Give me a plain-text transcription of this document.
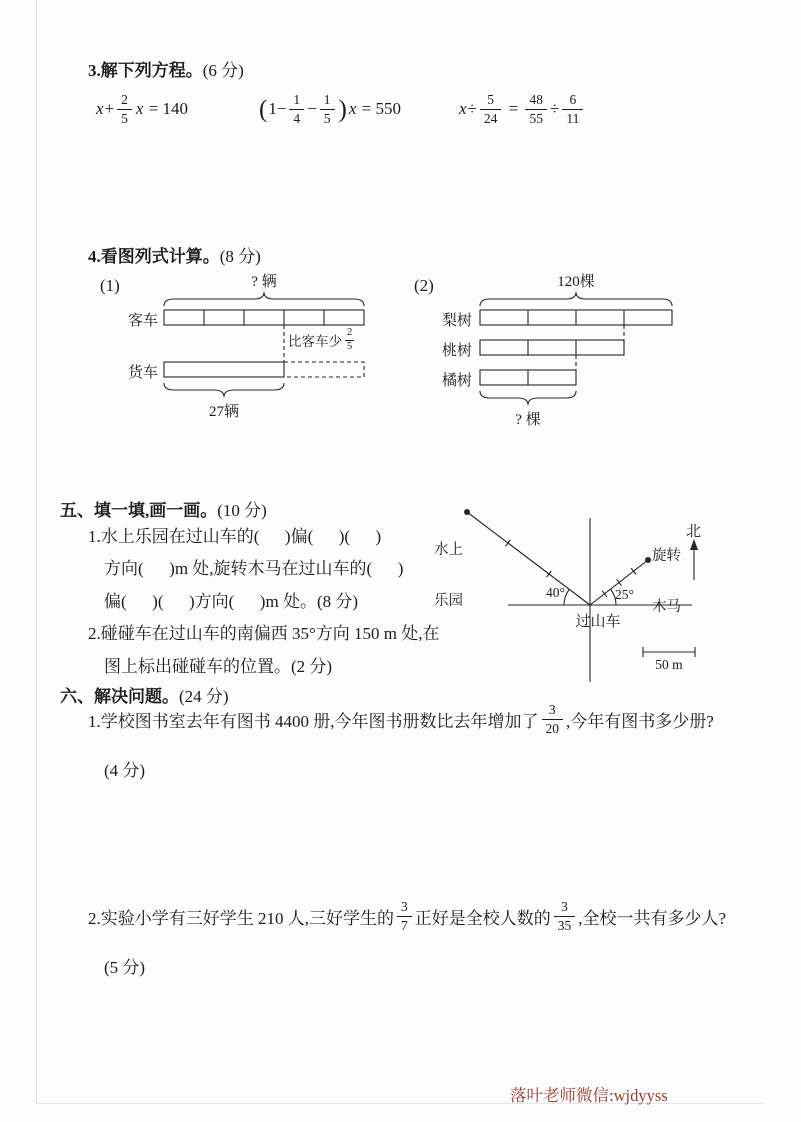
3.解下列方程。(6 分)
$x + \frac{2}{5}$ x = 140	( $1- \frac{1}{4} - \frac{1}{5}$ ) x = 550	$x \div \frac{5}{24} = \frac{48}{55} \div \frac{6}{11}$
4.看图列式计算。(8 分)
(1)	? 辆
客车
货车
比客车少 $\frac{2}{5}$
27辆
(2)	120棵
梨树
桃树
橘树
? 棵
五、填一填,画一画。(10 分)

1.水上乐园在过山车的(      )偏(      )(      )

方向(      )m 处,旋转木马在过山车的(      )

偏(      )(      )方向(      )m 处。(8 分)

2.碰碰车在过山车的南偏西 35°方向 150 m 处,在

图上标出碰碰车的位置。(2 分)

水上

乐园

旋转

木马

北
40°	25°
过山车
50 m
六、解决问题。(24 分)
1.学校图书室去年有图书 4400 册,今年图书册数比去年增加了 $\frac{3}{20}$ ,今年有图书多少册?
(4 分)
2.实验小学有三好学生 210 人,三好学生的 $\frac{3}{7}$ 正好是全校人数的 $\frac{3}{35}$ ,全校一共有多少人?
(5 分)
落叶老师微信:wjdyyss
